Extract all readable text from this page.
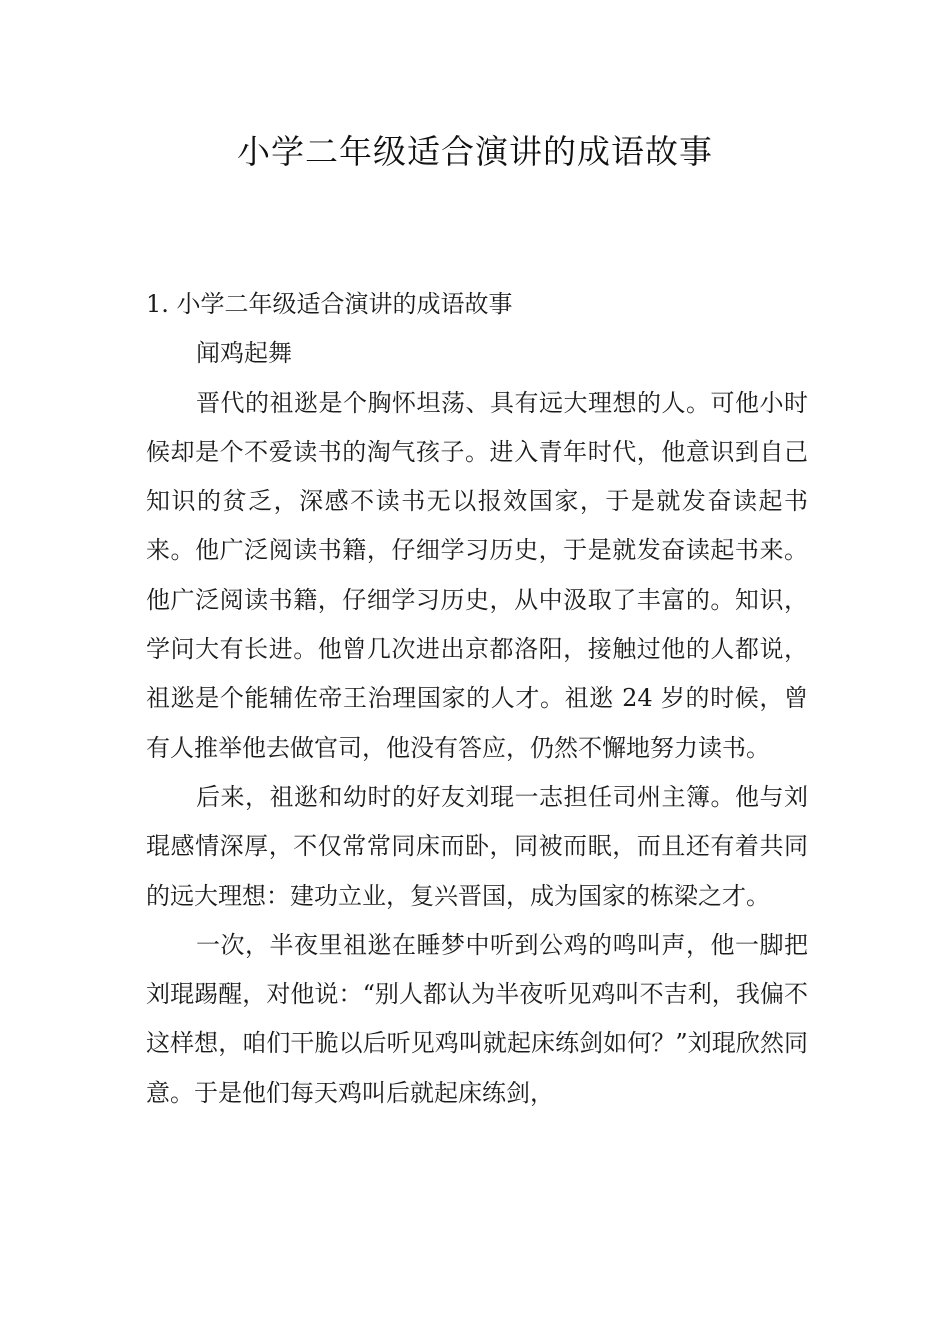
小学二年级适合演讲的成语故事

1. 小学二年级适合演讲的成语故事

闻鸡起舞

晋代的祖逖是个胸怀坦荡、具有远大理想的人。可他小时候却是个不爱读书的淘气孩子。进入青年时代，他意识到自己知识的贫乏，深感不读书无以报效国家，于是就发奋读起书来。他广泛阅读书籍，仔细学习历史，于是就发奋读起书来。他广泛阅读书籍，仔细学习历史，从中汲取了丰富的。知识，学问大有长进。他曾几次进出京都洛阳，接触过他的人都说，祖逖是个能辅佐帝王治理国家的人才。祖逖 24 岁的时候，曾有人推举他去做官司，他没有答应，仍然不懈地努力读书。

后来，祖逖和幼时的好友刘琨一志担任司州主簿。他与刘琨感情深厚，不仅常常同床而卧，同被而眠，而且还有着共同的远大理想：建功立业，复兴晋国，成为国家的栋梁之才。

一次，半夜里祖逖在睡梦中听到公鸡的鸣叫声，他一脚把刘琨踢醒，对他说：“别人都认为半夜听见鸡叫不吉利，我偏不这样想，咱们干脆以后听见鸡叫就起床练剑如何？”刘琨欣然同意。于是他们每天鸡叫后就起床练剑，
